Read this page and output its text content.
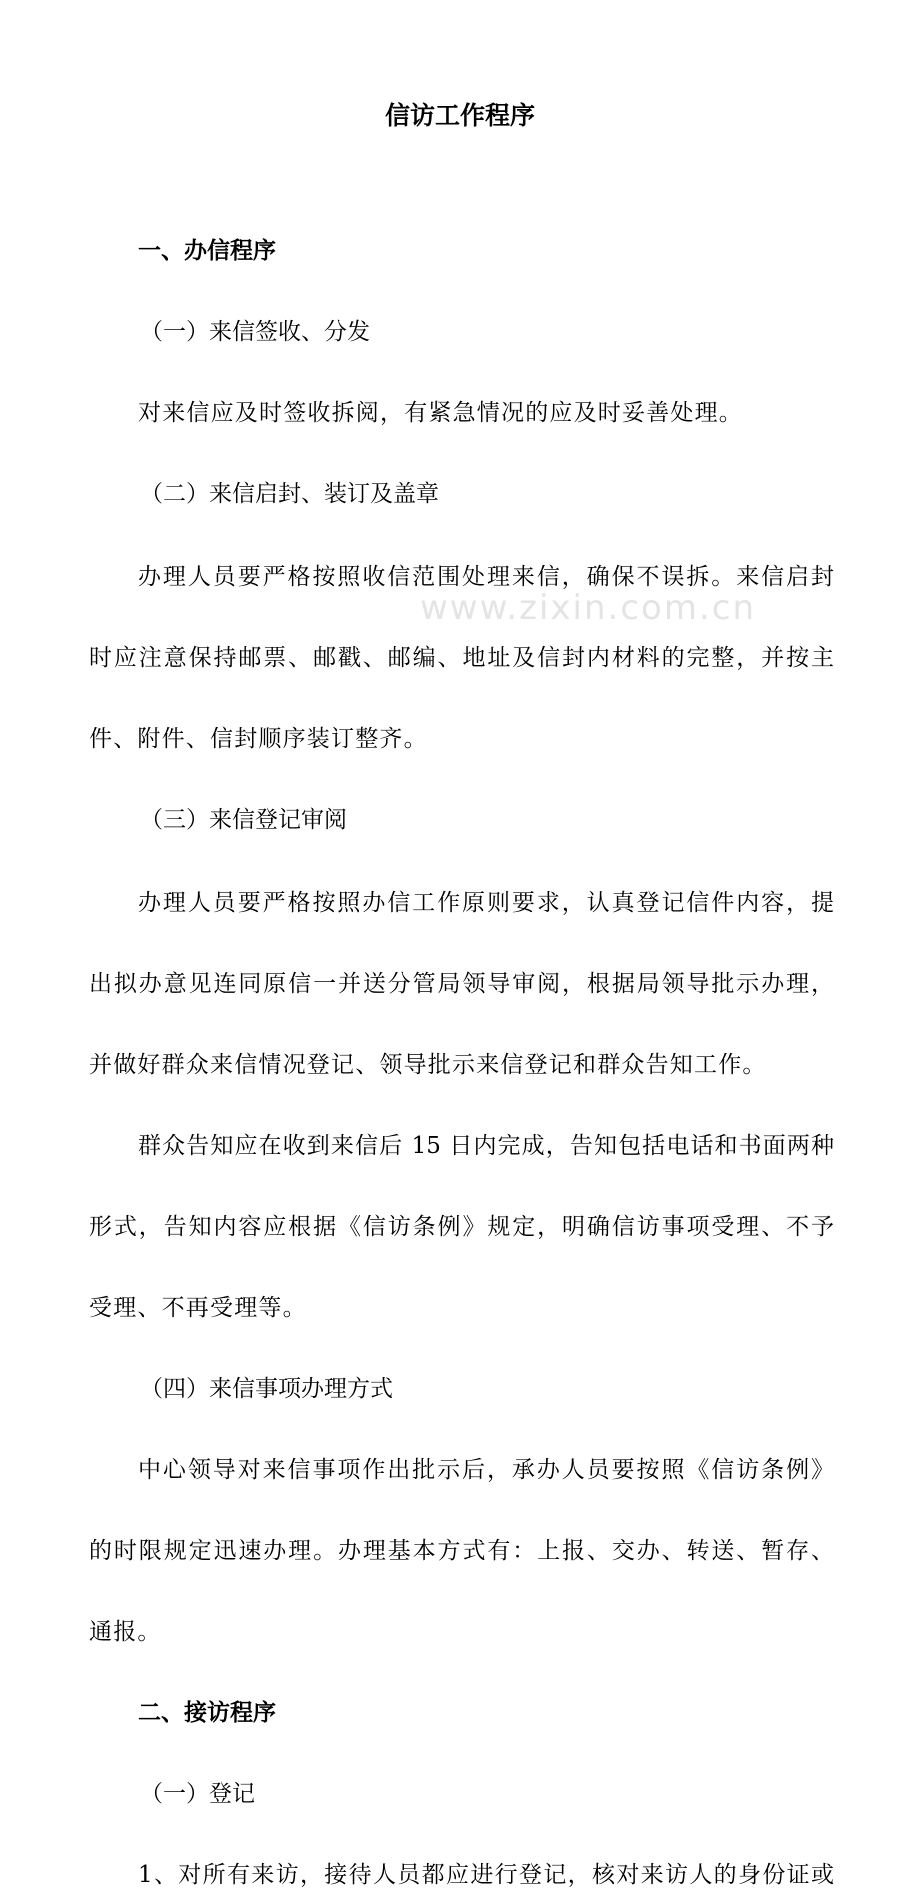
www.zixin.com.cn
信访工作程序
一、办信程序
（一）来信签收、分发
对来信应及时签收拆阅，有紧急情况的应及时妥善处理。
（二）来信启封、装订及盖章
办理人员要严格按照收信范围处理来信，确保不误拆。来信启封
时应注意保持邮票、邮戳、邮编、地址及信封内材料的完整，并按主
件、附件、信封顺序装订整齐。
（三）来信登记审阅
办理人员要严格按照办信工作原则要求，认真登记信件内容，提
出拟办意见连同原信一并送分管局领导审阅，根据局领导批示办理，
并做好群众来信情况登记、领导批示来信登记和群众告知工作。
群众告知应在收到来信后 15 日内完成，告知包括电话和书面两种
形式，告知内容应根据《信访条例》规定，明确信访事项受理、不予
受理、不再受理等。
（四）来信事项办理方式
中心领导对来信事项作出批示后，承办人员要按照《信访条例》
的时限规定迅速办理。办理基本方式有：上报、交办、转送、暂存、
通报。
二、接访程序
（一）登记
1、对所有来访，接待人员都应进行登记，核对来访人的身份证或
